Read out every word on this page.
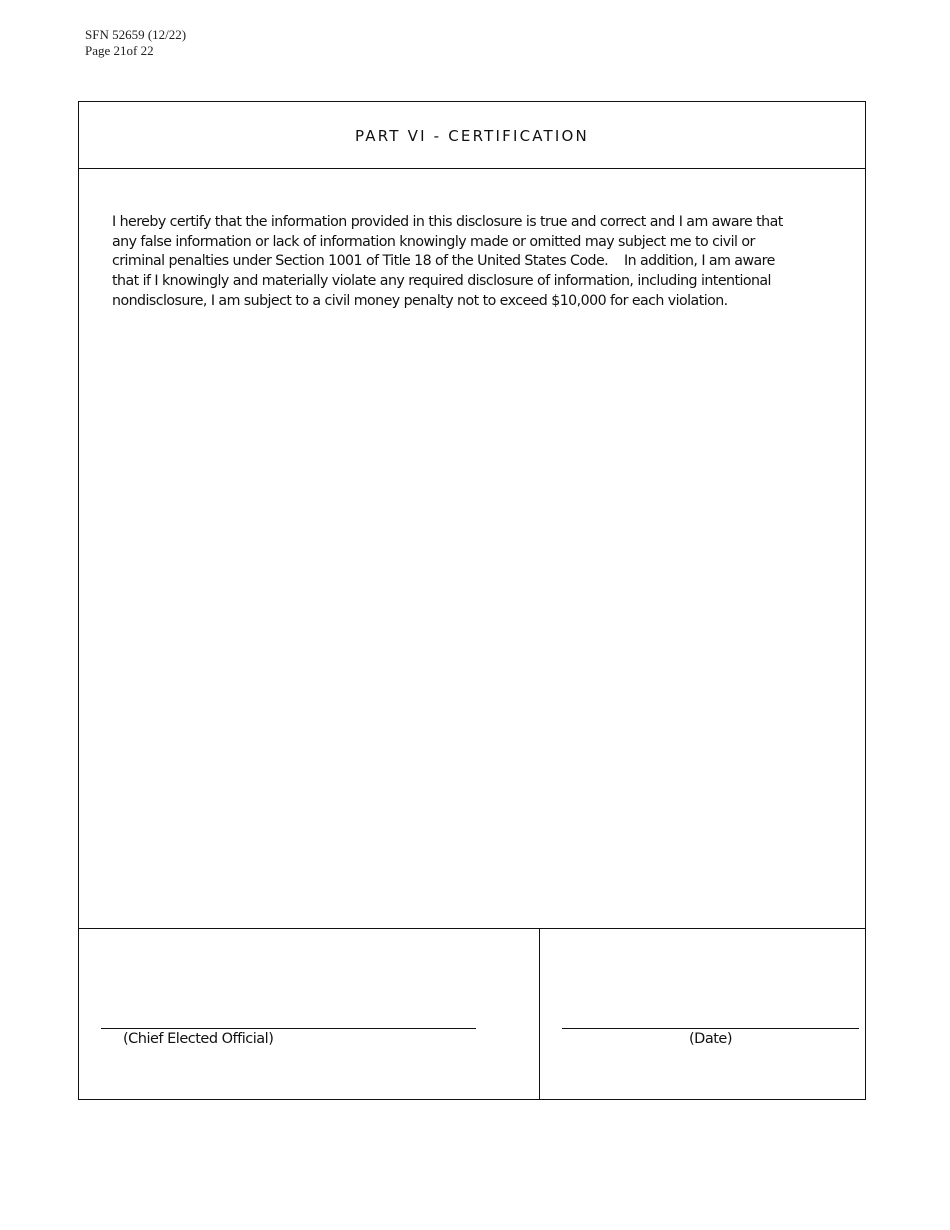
SFN 52659 (12/22)
Page 21of 22
PART VI - CERTIFICATION
I hereby certify that the information provided in this disclosure is true and correct and I am aware that
any false information or lack of information knowingly made or omitted may subject me to civil or
criminal penalties under Section 1001 of Title 18 of the United States Code.    In addition, I am aware
that if I knowingly and materially violate any required disclosure of information, including intentional
nondisclosure, I am subject to a civil money penalty not to exceed $10,000 for each violation.
(Chief Elected Official)	(Date)
